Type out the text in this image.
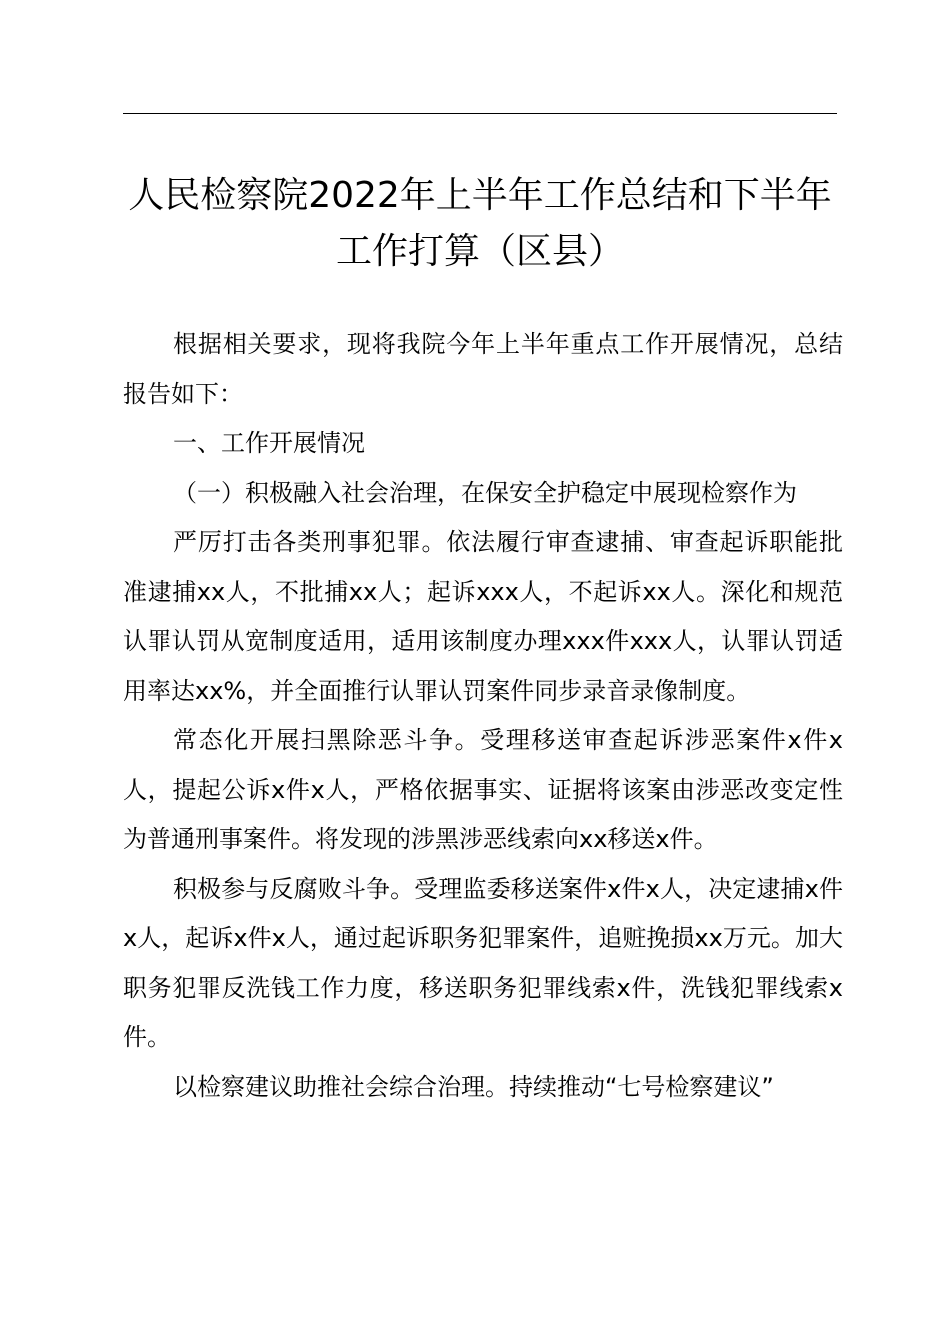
人民检察院2022年上半年工作总结和下半年
工作打算（区县）

根据相关要求，现将我院今年上半年重点工作开展情况，总结报告如下：

一、工作开展情况

（一）积极融入社会治理，在保安全护稳定中展现检察作为

严厉打击各类刑事犯罪。依法履行审查逮捕、审查起诉职能批准逮捕xx人，不批捕xx人；起诉xxx人，不起诉xx人。深化和规范认罪认罚从宽制度适用，适用该制度办理xxx件xxx人，认罪认罚适用率达xx%，并全面推行认罪认罚案件同步录音录像制度。

常态化开展扫黑除恶斗争。受理移送审查起诉涉恶案件x件x人，提起公诉x件x人，严格依据事实、证据将该案由涉恶改变定性为普通刑事案件。将发现的涉黑涉恶线索向xx移送x件。

积极参与反腐败斗争。受理监委移送案件x件x人，决定逮捕x件x人，起诉x件x人，通过起诉职务犯罪案件，追赃挽损xx万元。加大职务犯罪反洗钱工作力度，移送职务犯罪线索x件，洗钱犯罪线索x件。

以检察建议助推社会综合治理。持续推动“七号检察建议”
